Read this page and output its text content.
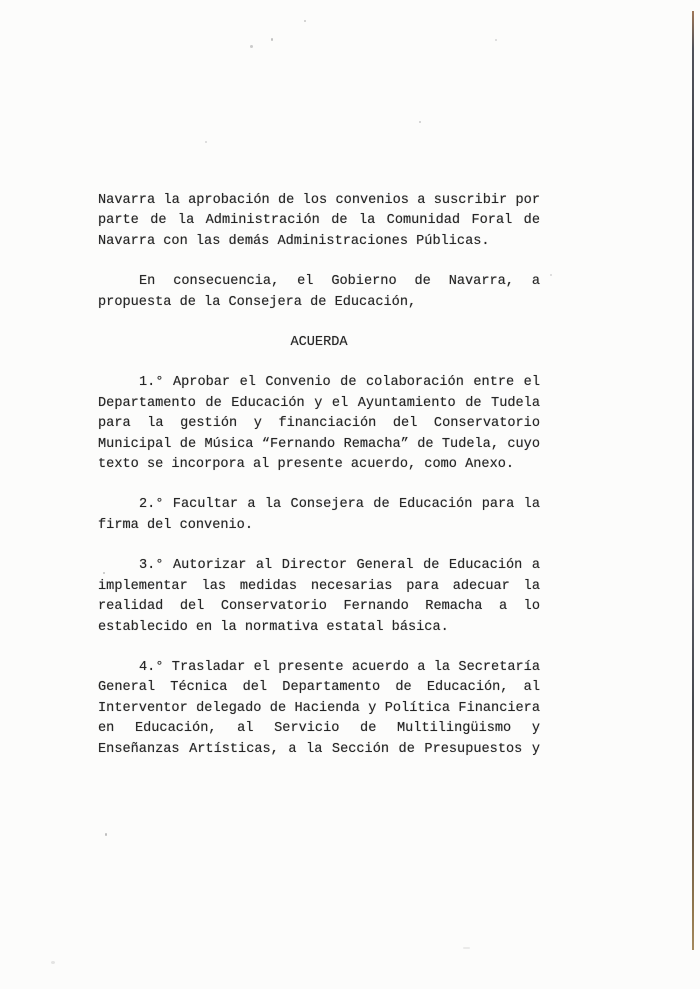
Navarra la aprobación de los convenios a suscribir por
parte de la Administración de la Comunidad Foral de
Navarra con las demás Administraciones Públicas.
En consecuencia, el Gobierno de Navarra, a
propuesta de la Consejera de Educación,
ACUERDA
1.° Aprobar el Convenio de colaboración entre el
Departamento de Educación y el Ayuntamiento de Tudela
para la gestión y financiación del Conservatorio
Municipal de Música “Fernando Remacha” de Tudela, cuyo
texto se incorpora al presente acuerdo, como Anexo.
2.° Facultar a la Consejera de Educación para la
firma del convenio.
3.° Autorizar al Director General de Educación a
implementar las medidas necesarias para adecuar la
realidad del Conservatorio Fernando Remacha a lo
establecido en la normativa estatal básica.
4.° Trasladar el presente acuerdo a la Secretaría
General Técnica del Departamento de Educación, al
Interventor delegado de Hacienda y Política Financiera
en Educación, al Servicio de Multilingüismo y
Enseñanzas Artísticas, a la Sección de Presupuestos y
